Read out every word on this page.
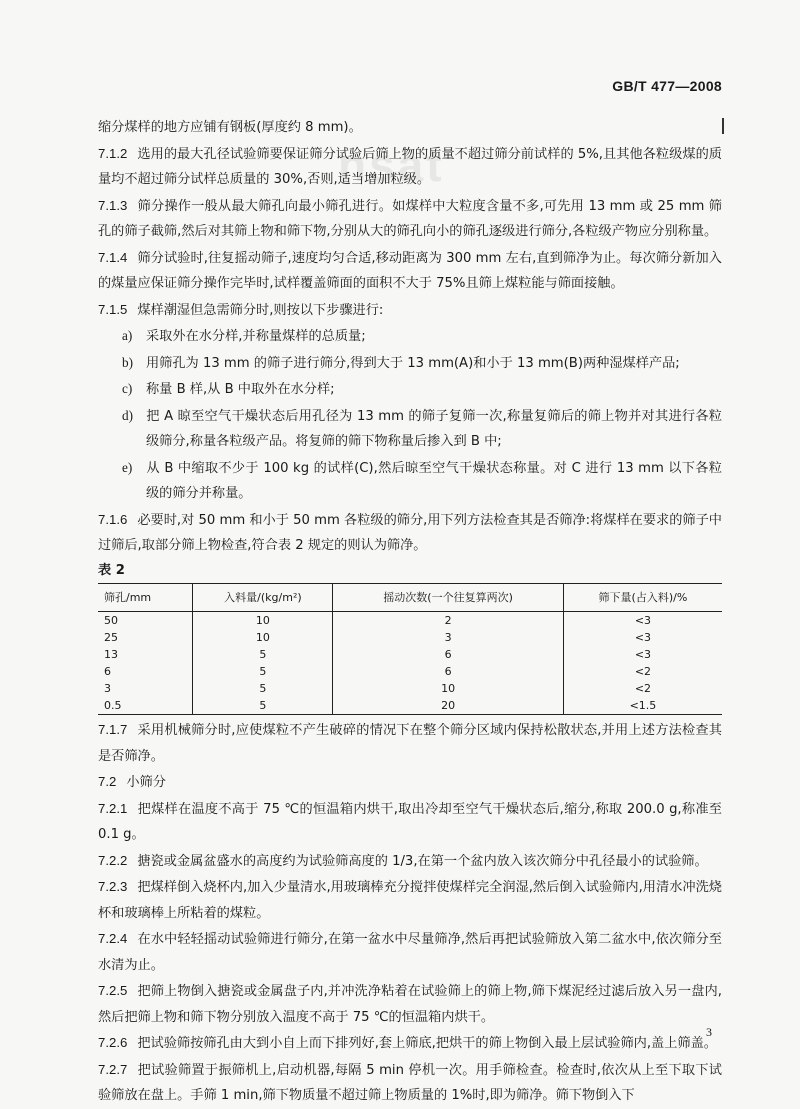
GB/T 477—2008
nsat

缩分煤样的地方应铺有钢板(厚度约 8 mm)。

7.1.2 选用的最大孔径试验筛要保证筛分试验后筛上物的质量不超过筛分前试样的 5%,且其他各粒级煤的质量均不超过筛分试样总质量的 30%,否则,适当增加粒级。

7.1.3 筛分操作一般从最大筛孔向最小筛孔进行。如煤样中大粒度含量不多,可先用 13 mm 或 25 mm 筛孔的筛子截筛,然后对其筛上物和筛下物,分别从大的筛孔向小的筛孔逐级进行筛分,各粒级产物应分别称量。

7.1.4 筛分试验时,往复摇动筛子,速度均匀合适,移动距离为 300 mm 左右,直到筛净为止。每次筛分新加入的煤量应保证筛分操作完毕时,试样覆盖筛面的面积不大于 75%且筛上煤粒能与筛面接触。

7.1.5 煤样潮湿但急需筛分时,则按以下步骤进行:

a) 采取外在水分样,并称量煤样的总质量;

b) 用筛孔为 13 mm 的筛子进行筛分,得到大于 13 mm(A)和小于 13 mm(B)两种湿煤样产品;

c) 称量 B 样,从 B 中取外在水分样;

d) 把 A 晾至空气干燥状态后用孔径为 13 mm 的筛子复筛一次,称量复筛后的筛上物并对其进行各粒级筛分,称量各粒级产品。将复筛的筛下物称量后掺入到 B 中;

e) 从 B 中缩取不少于 100 kg 的试样(C),然后晾至空气干燥状态称量。对 C 进行 13 mm 以下各粒级的筛分并称量。

7.1.6 必要时,对 50 mm 和小于 50 mm 各粒级的筛分,用下列方法检查其是否筛净:将煤样在要求的筛子中过筛后,取部分筛上物检查,符合表 2 规定的则认为筛净。

表 2

筛孔/mm	入料量/(kg/m²)	摇动次数(一个往复算两次)	筛下量(占入料)/%
50	10	2	<3
25	10	3	<3
13	5	6	<3
6	5	6	<2
3	5	10	<2
0.5	5	20	<1.5

7.1.7 采用机械筛分时,应使煤粒不产生破碎的情况下在整个筛分区域内保持松散状态,并用上述方法检查其是否筛净。

7.2 小筛分

7.2.1 把煤样在温度不高于 75 ℃的恒温箱内烘干,取出冷却至空气干燥状态后,缩分,称取 200.0 g,称准至 0.1 g。

7.2.2 搪瓷或金属盆盛水的高度约为试验筛高度的 1/3,在第一个盆内放入该次筛分中孔径最小的试验筛。

7.2.3 把煤样倒入烧杯内,加入少量清水,用玻璃棒充分搅拌使煤样完全润湿,然后倒入试验筛内,用清水冲洗烧杯和玻璃棒上所粘着的煤粒。

7.2.4 在水中轻轻摇动试验筛进行筛分,在第一盆水中尽量筛净,然后再把试验筛放入第二盆水中,依次筛分至水清为止。

7.2.5 把筛上物倒入搪瓷或金属盘子内,并冲洗净粘着在试验筛上的筛上物,筛下煤泥经过滤后放入另一盘内,然后把筛上物和筛下物分别放入温度不高于 75 ℃的恒温箱内烘干。

7.2.6 把试验筛按筛孔由大到小自上而下排列好,套上筛底,把烘干的筛上物倒入最上层试验筛内,盖上筛盖。

7.2.7 把试验筛置于振筛机上,启动机器,每隔 5 min 停机一次。用手筛检查。检查时,依次从上至下取下试验筛放在盘上。手筛 1 min,筛下物质量不超过筛上物质量的 1%时,即为筛净。筛下物倒入下

3
